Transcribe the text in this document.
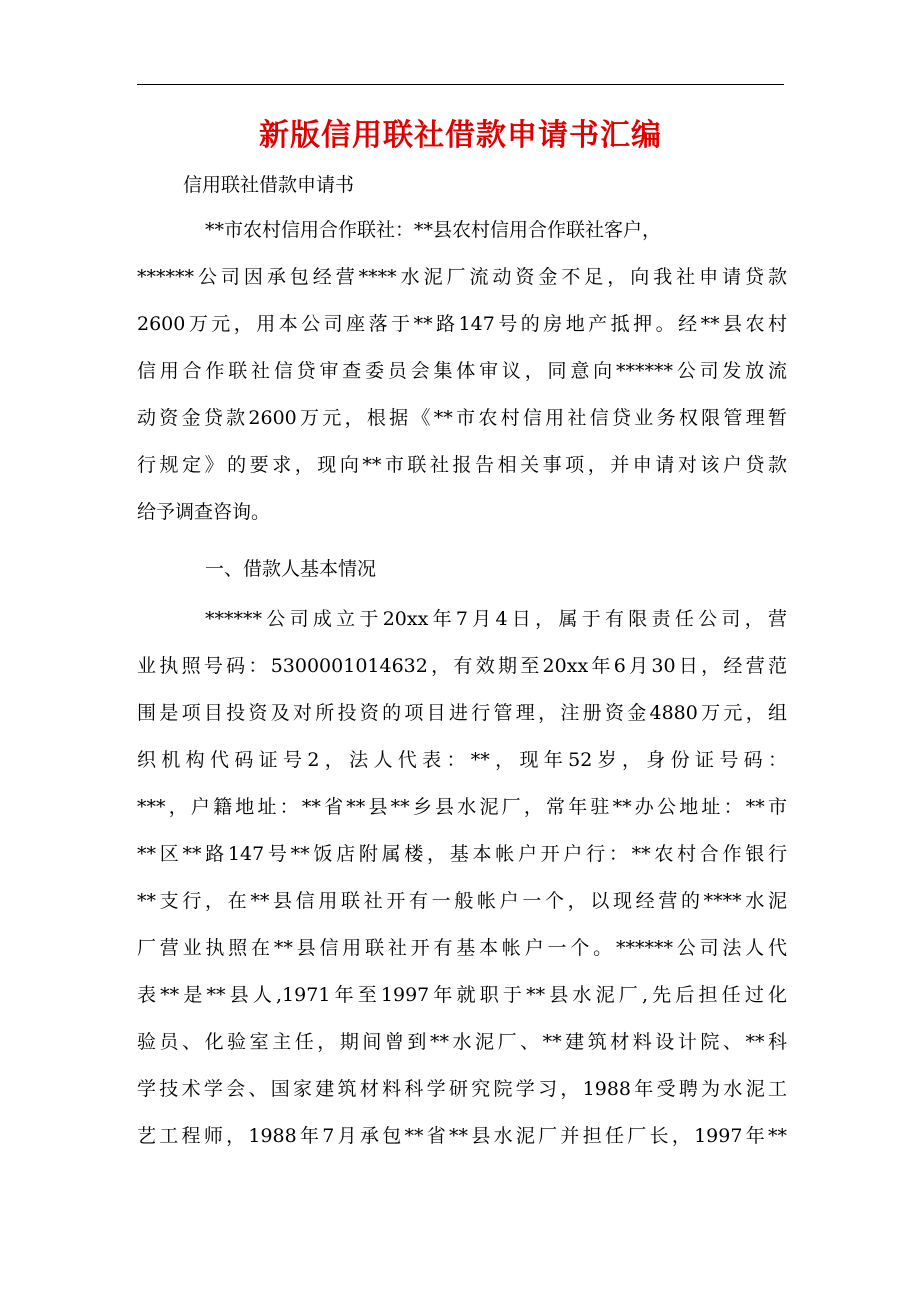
新版信用联社借款申请书汇编

信用联社借款申请书

**市农村信用合作联社：**县农村信用合作联社客户，

******公司因承包经营****水泥厂流动资金不足，向我社申请贷款

2600万元，用本公司座落于**路147号的房地产抵押。经**县农村

信用合作联社信贷审查委员会集体审议，同意向******公司发放流

动资金贷款2600万元，根据《**市农村信用社信贷业务权限管理暂

行规定》的要求，现向**市联社报告相关事项，并申请对该户贷款

给予调查咨询。

一、借款人基本情况

******公司成立于20xx年7月4日，属于有限责任公司，营

业执照号码：5300001014632，有效期至20xx年6月30日，经营范

围是项目投资及对所投资的项目进行管理，注册资金4880万元，组

织机构代码证号2，法人代表：**，现年52岁，身份证号码：

***，户籍地址：**省**县**乡县水泥厂，常年驻**办公地址：**市

**区**路147号**饭店附属楼，基本帐户开户行：**农村合作银行

**支行，在**县信用联社开有一般帐户一个，以现经营的****水泥

厂营业执照在**县信用联社开有基本帐户一个。******公司法人代

表**是**县人,1971年至1997年就职于**县水泥厂,先后担任过化

验员、化验室主任，期间曾到**水泥厂、**建筑材料设计院、**科

学技术学会、国家建筑材料科学研究院学习，1988年受聘为水泥工

艺工程师，1988年7月承包**省**县水泥厂并担任厂长，1997年**
